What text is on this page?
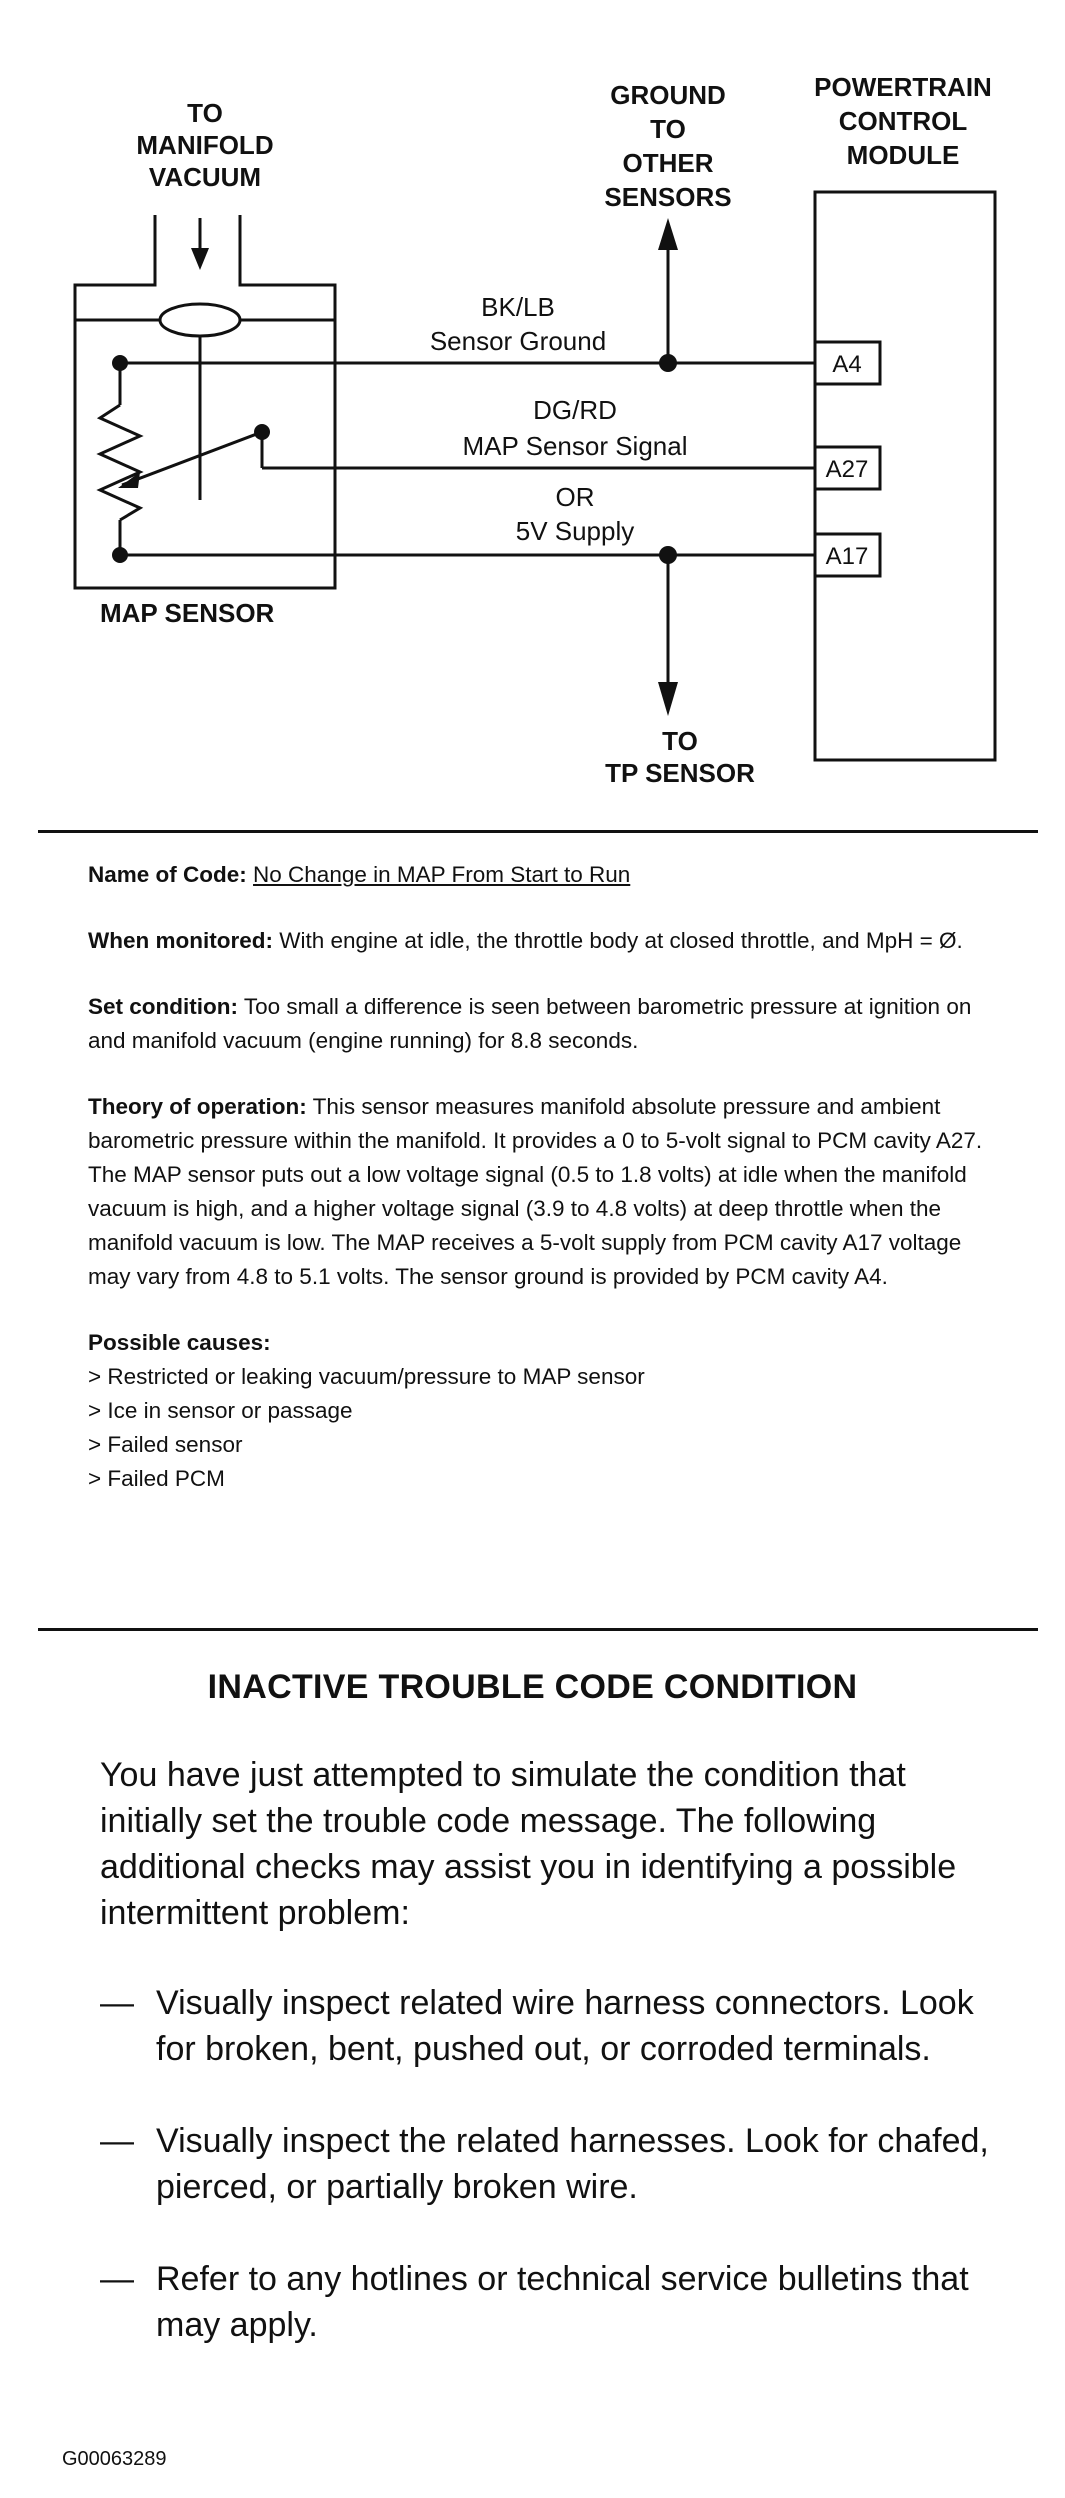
TO
MANIFOLD
VACUUM
GROUND
TO
OTHER
SENSORS
POWERTRAIN
CONTROL
MODULE
BK/LB
Sensor Ground
DG/RD
MAP Sensor Signal
OR
5V Supply
A4
A27
A17
MAP SENSOR
TO
TP SENSOR

Name of Code: No Change in MAP From Start to Run

When monitored: With engine at idle, the throttle body at closed throttle, and MpH = Ø.

Set condition: Too small a difference is seen between barometric pressure at ignition on and manifold vacuum (engine running) for 8.8 seconds.

Theory of operation: This sensor measures manifold absolute pressure and ambient barometric pressure within the manifold. It provides a 0 to 5-volt signal to PCM cavity A27. The MAP sensor puts out a low voltage signal (0.5 to 1.8 volts) at idle when the manifold vacuum is high, and a higher voltage signal (3.9 to 4.8 volts) at deep throttle when the manifold vacuum is low. The MAP receives a 5-volt supply from PCM cavity A17 voltage may vary from 4.8 to 5.1 volts. The sensor ground is provided by PCM cavity A4.

Possible causes:
> Restricted or leaking vacuum/pressure to MAP sensor
> Ice in sensor or passage
> Failed sensor
> Failed PCM
INACTIVE TROUBLE CODE CONDITION
You have just attempted to simulate the condition that initially set the trouble code message. The following additional checks may assist you in identifying a possible intermittent problem:
— Visually inspect related wire harness connectors. Look for broken, bent, pushed out, or corroded terminals.
— Visually inspect the related harnesses. Look for chafed, pierced, or partially broken wire.
— Refer to any hotlines or technical service bulletins that may apply.
G00063289
